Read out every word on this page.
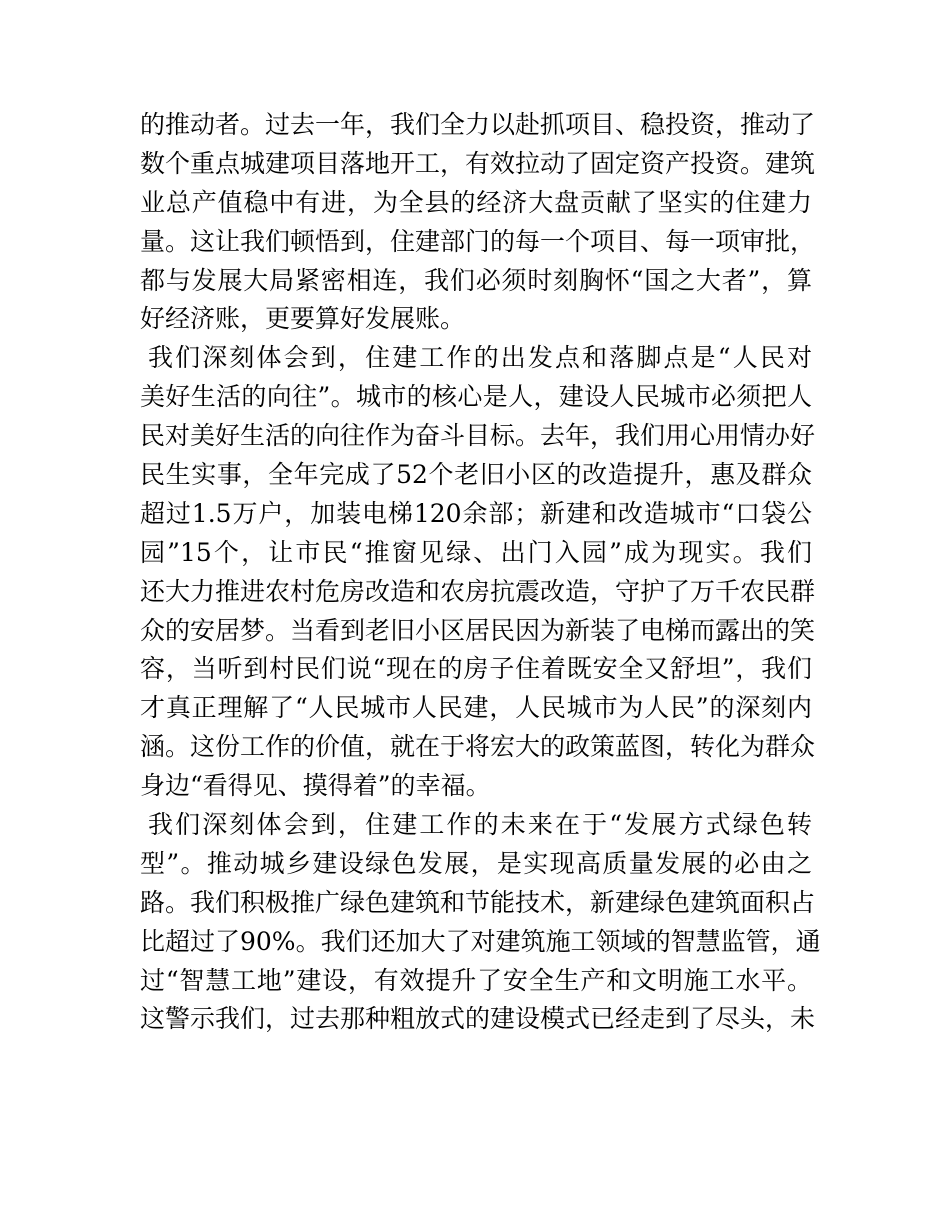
的推动者。过去一年，我们全力以赴抓项目、稳投资，推动了
数个重点城建项目落地开工，有效拉动了固定资产投资。建筑
业总产值稳中有进，为全县的经济大盘贡献了坚实的住建力
量。这让我们顿悟到，住建部门的每一个项目、每一项审批，
都与发展大局紧密相连，我们必须时刻胸怀“国之大者”，算
好经济账，更要算好发展账。
我们深刻体会到，住建工作的出发点和落脚点是“人民对
美好生活的向往”。城市的核心是人，建设人民城市必须把人
民对美好生活的向往作为奋斗目标。去年，我们用心用情办好
民生实事，全年完成了52个老旧小区的改造提升，惠及群众
超过1.5万户，加装电梯120余部；新建和改造城市“口袋公
园”15个，让市民“推窗见绿、出门入园”成为现实。我们
还大力推进农村危房改造和农房抗震改造，守护了万千农民群
众的安居梦。当看到老旧小区居民因为新装了电梯而露出的笑
容，当听到村民们说“现在的房子住着既安全又舒坦”，我们
才真正理解了“人民城市人民建，人民城市为人民”的深刻内
涵。这份工作的价值，就在于将宏大的政策蓝图，转化为群众
身边“看得见、摸得着”的幸福。
我们深刻体会到，住建工作的未来在于“发展方式绿色转
型”。推动城乡建设绿色发展，是实现高质量发展的必由之
路。我们积极推广绿色建筑和节能技术，新建绿色建筑面积占
比超过了90%。我们还加大了对建筑施工领域的智慧监管，通
过“智慧工地”建设，有效提升了安全生产和文明施工水平。
这警示我们，过去那种粗放式的建设模式已经走到了尽头，未
